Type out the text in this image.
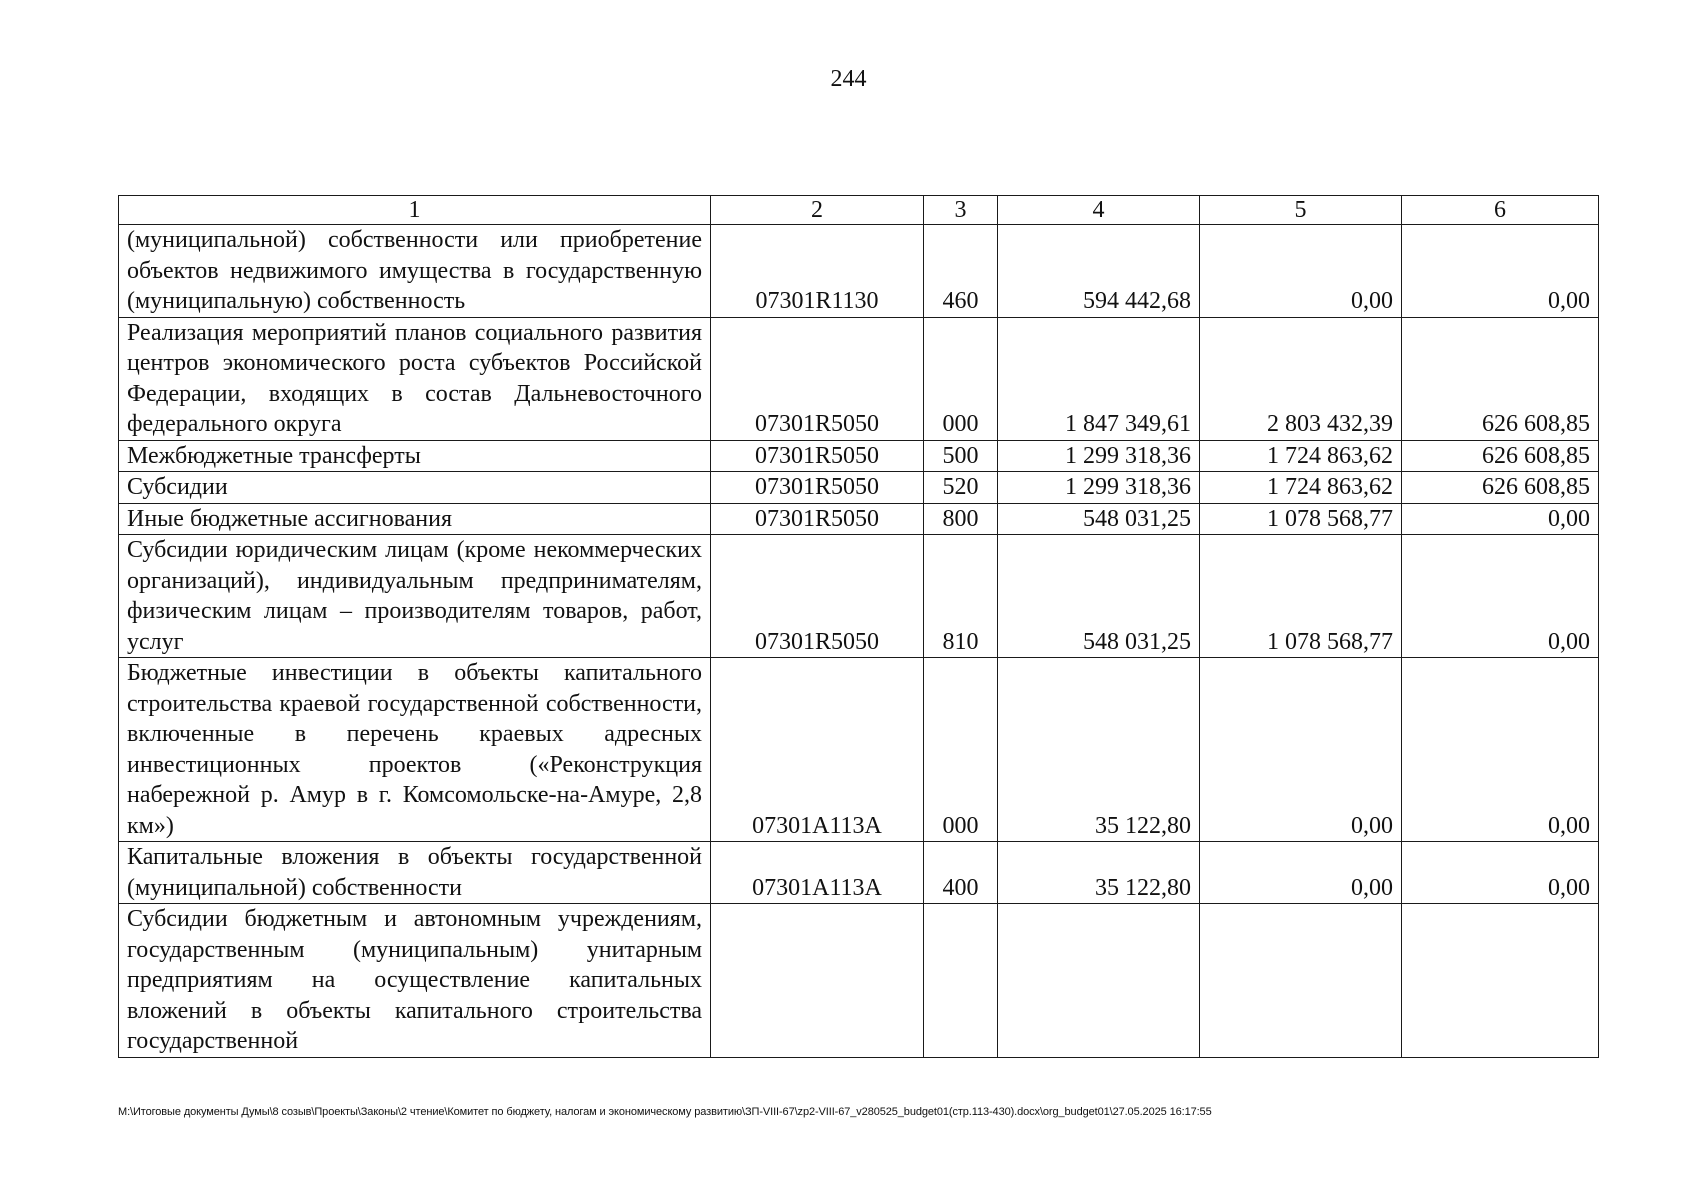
244
1	2	3	4	5	6
(муниципальной) собственности или приобретение объектов недвижимого имущества в государственную (муниципальную) собственность	07301R1130	460	594 442,68	0,00	0,00
Реализация мероприятий планов социального развития центров экономического роста субъектов Российской Федерации, входящих в состав Дальневосточного федерального округа	07301R5050	000	1 847 349,61	2 803 432,39	626 608,85
Межбюджетные трансферты	07301R5050	500	1 299 318,36	1 724 863,62	626 608,85
Субсидии	07301R5050	520	1 299 318,36	1 724 863,62	626 608,85
Иные бюджетные ассигнования	07301R5050	800	548 031,25	1 078 568,77	0,00
Субсидии юридическим лицам (кроме некоммерческих организаций), индивидуальным предпринимателям, физическим лицам – производителям товаров, работ, услуг	07301R5050	810	548 031,25	1 078 568,77	0,00
Бюджетные инвестиции в объекты капитального строительства краевой государственной собственности, включенные в перечень краевых адресных инвестиционных проектов («Реконструкция набережной р. Амур в г. Комсомольске-на-Амуре, 2,8 км»)	07301A113A	000	35 122,80	0,00	0,00
Капитальные вложения в объекты государственной (муниципальной) собственности	07301A113A	400	35 122,80	0,00	0,00
Субсидии бюджетным и автономным учреждениям, государственным (муниципальным) унитарным предприятиям на осуществление капитальных вложений в объекты капитального строительства государственной					
M:\Итоговые документы Думы\8 созыв\Проекты\Законы\2 чтение\Комитет по бюджету, налогам и экономическому развитию\ЗП-VIII-67\zp2-VIII-67_v280525_budget01(стр.113-430).docx\org_budget01\27.05.2025 16:17:55
